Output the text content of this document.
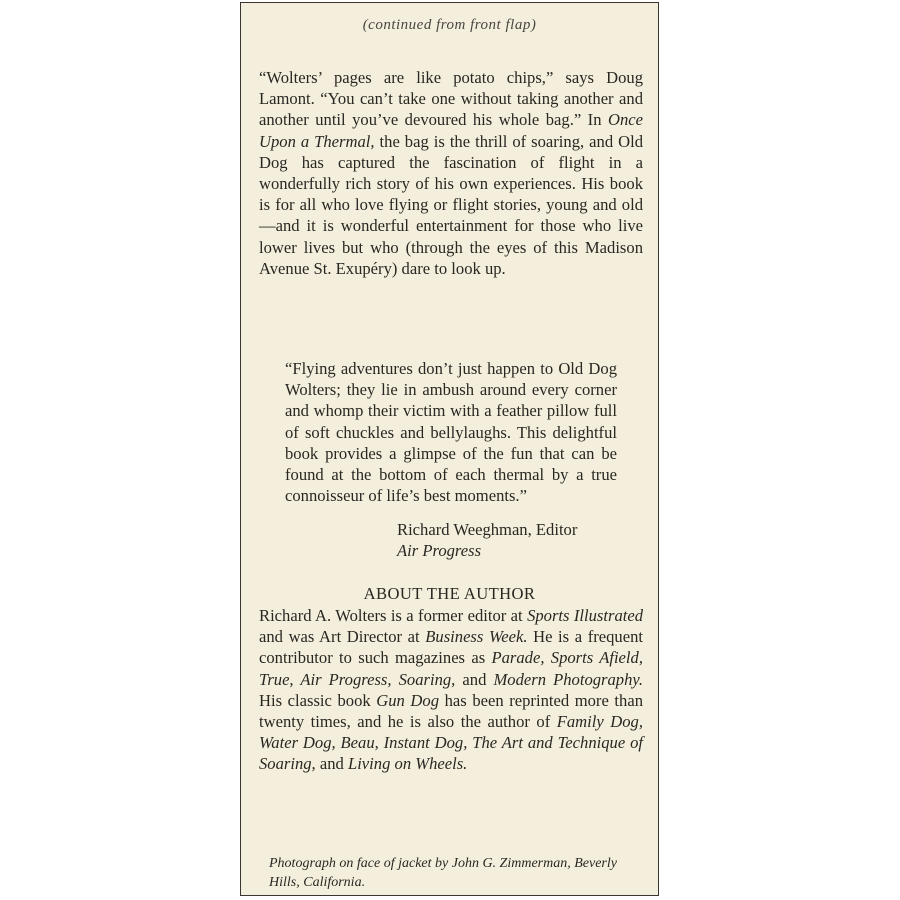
(continued from front flap)

“Wolters’ pages are like potato chips,” says Doug Lamont. “You can’t take one without taking another and another until you’ve devoured his whole bag.” In Once Upon a Thermal, the bag is the thrill of soaring, and Old Dog has captured the fascination of flight in a wonderfully rich story of his own experiences. His book is for all who love flying or flight stories, young and old—and it is wonderful entertainment for those who live lower lives but who (through the eyes of this Madison Avenue St. Exupéry) dare to look up.

“Flying adventures don’t just happen to Old Dog Wolters; they lie in ambush around every corner and whomp their victim with a feather pillow full of soft chuckles and bellylaughs. This delightful book provides a glimpse of the fun that can be found at the bottom of each thermal by a true connoisseur of life’s best moments.”

Richard Weeghman, Editor
Air Progress
ABOUT THE AUTHOR

Richard A. Wolters is a former editor at Sports Illustrated and was Art Director at Business Week. He is a frequent contributor to such magazines as Parade, Sports Afield, True, Air Progress, Soaring, and Modern Photography. His classic book Gun Dog has been reprinted more than twenty times, and he is also the author of Family Dog, Water Dog, Beau, Instant Dog, The Art and Technique of Soaring, and Living on Wheels.

Photograph on face of jacket by John G. Zimmerman, Beverly Hills, California.
